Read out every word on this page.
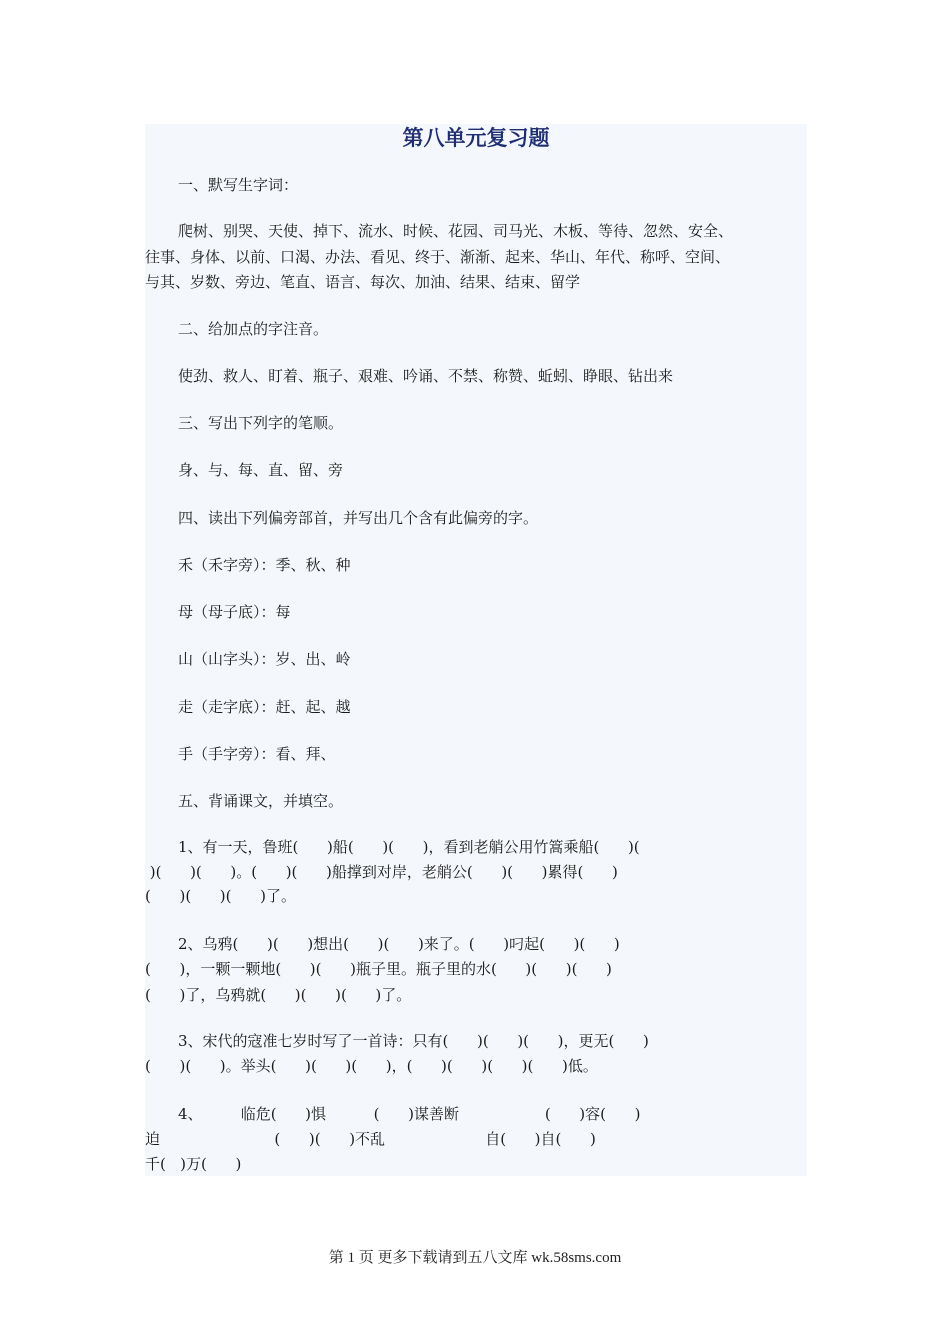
第八单元复习题
一、默写生字词：
爬树、别哭、天使、掉下、流水、时候、花园、司马光、木板、等待、忽然、安全、
往事、身体、以前、口渴、办法、看见、终于、渐渐、起来、华山、年代、称呼、空间、
与其、岁数、旁边、笔直、语言、每次、加油、结果、结束、留学
二、给加点的字注音。
使劲、救人、盯着、瓶子、艰难、吟诵、不禁、称赞、蚯蚓、睁眼、钻出来
三、写出下列字的笔顺。
身、与、每、直、留、旁
四、读出下列偏旁部首，并写出几个含有此偏旁的字。
禾（禾字旁）：季、秋、种
母（母子底）：每
山（山字头）：岁、出、岭
走（走字底）：赶、起、越
手（手字旁）：看、拜、
五、背诵课文，并填空。
1、有一天，鲁班(      )船(      )(      )，看到老艄公用竹篙乘船(      )(
)(      )(      )。(      )(      )船撑到对岸，老艄公(      )(      )累得(      )
(      )(      )(      )了。
2、乌鸦(      )(      )想出(      )(      )来了。(      )叼起(      )(      )
(      )，一颗一颗地(      )(      )瓶子里。瓶子里的水(      )(      )(      )
(      )了，乌鸦就(      )(      )(      )了。
3、宋代的寇准七岁时写了一首诗：只有(      )(      )(      )，更无(      )
(      )(      )。举头(      )(      )(      )，(      )(      )(      )(      )低。
4、        临危(      )惧          (      )谋善断                  (      )容(      )
迫                        (      )(      )不乱                     自(      )自(      )
千(   )万(      )
第 1 页 更多下载请到五八文库 wk.58sms.com
